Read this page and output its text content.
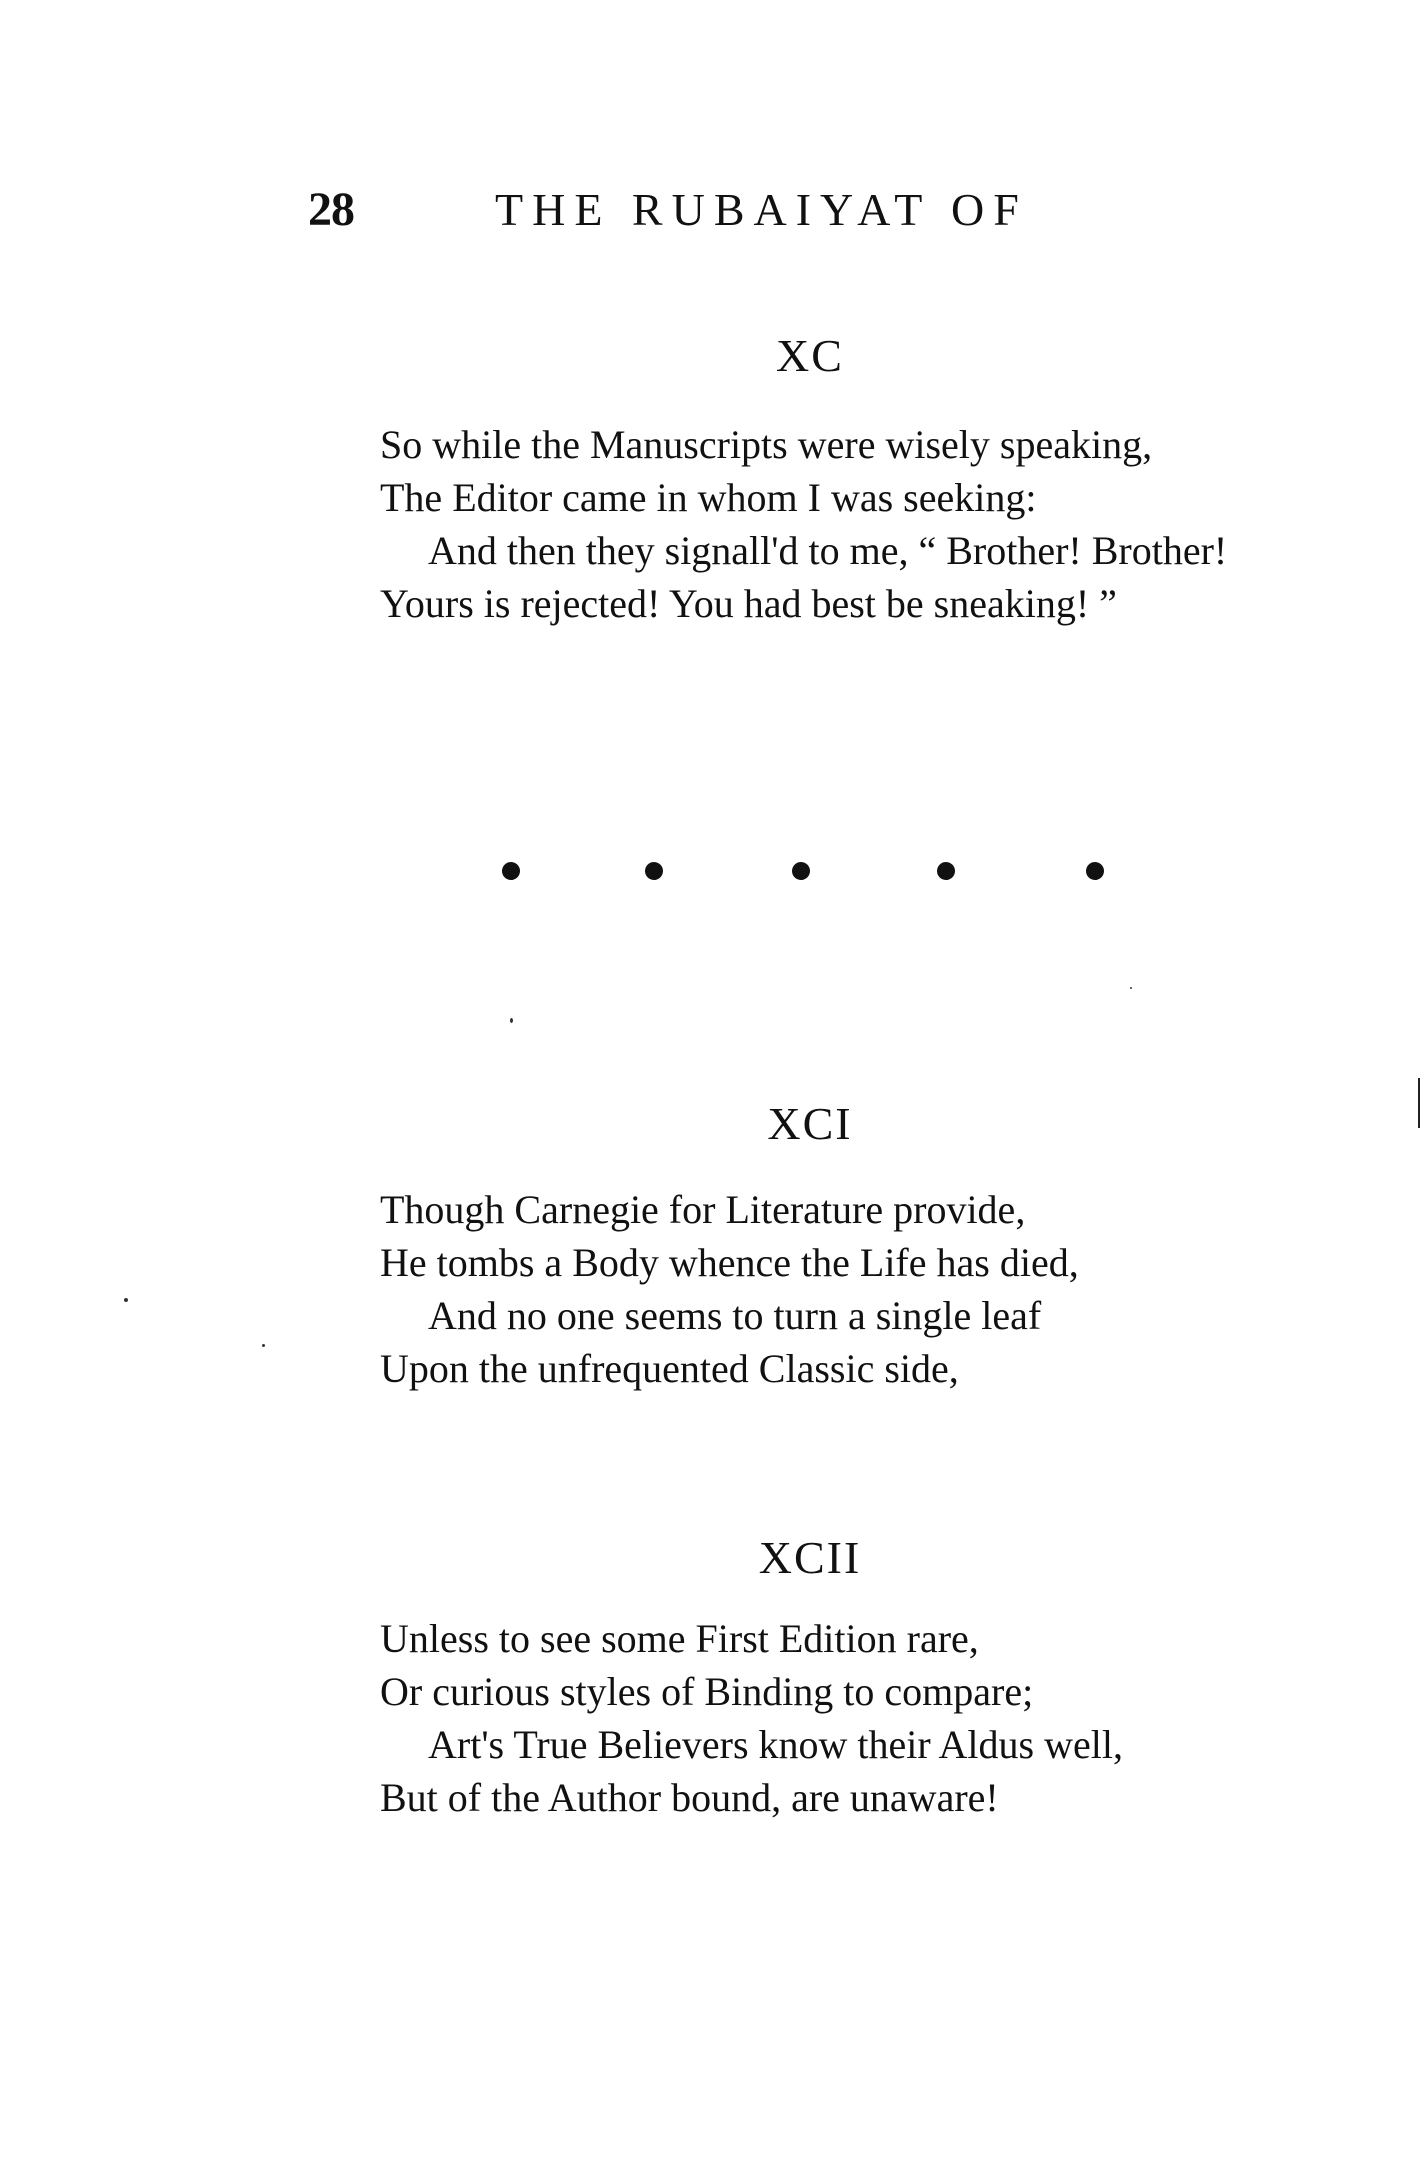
28	THE RUBAIYAT OF
XC
So while the Manuscripts were wisely speaking,
The Editor came in whom I was seeking:
And then they signall'd to me, “ Brother! Brother!
Yours is rejected! You had best be sneaking! ”
XCI
Though Carnegie for Literature provide,
He tombs a Body whence the Life has died,
And no one seems to turn a single leaf
Upon the unfrequented Classic side,
XCII
Unless to see some First Edition rare,
Or curious styles of Binding to compare;
Art's True Believers know their Aldus well,
But of the Author bound, are unaware!
